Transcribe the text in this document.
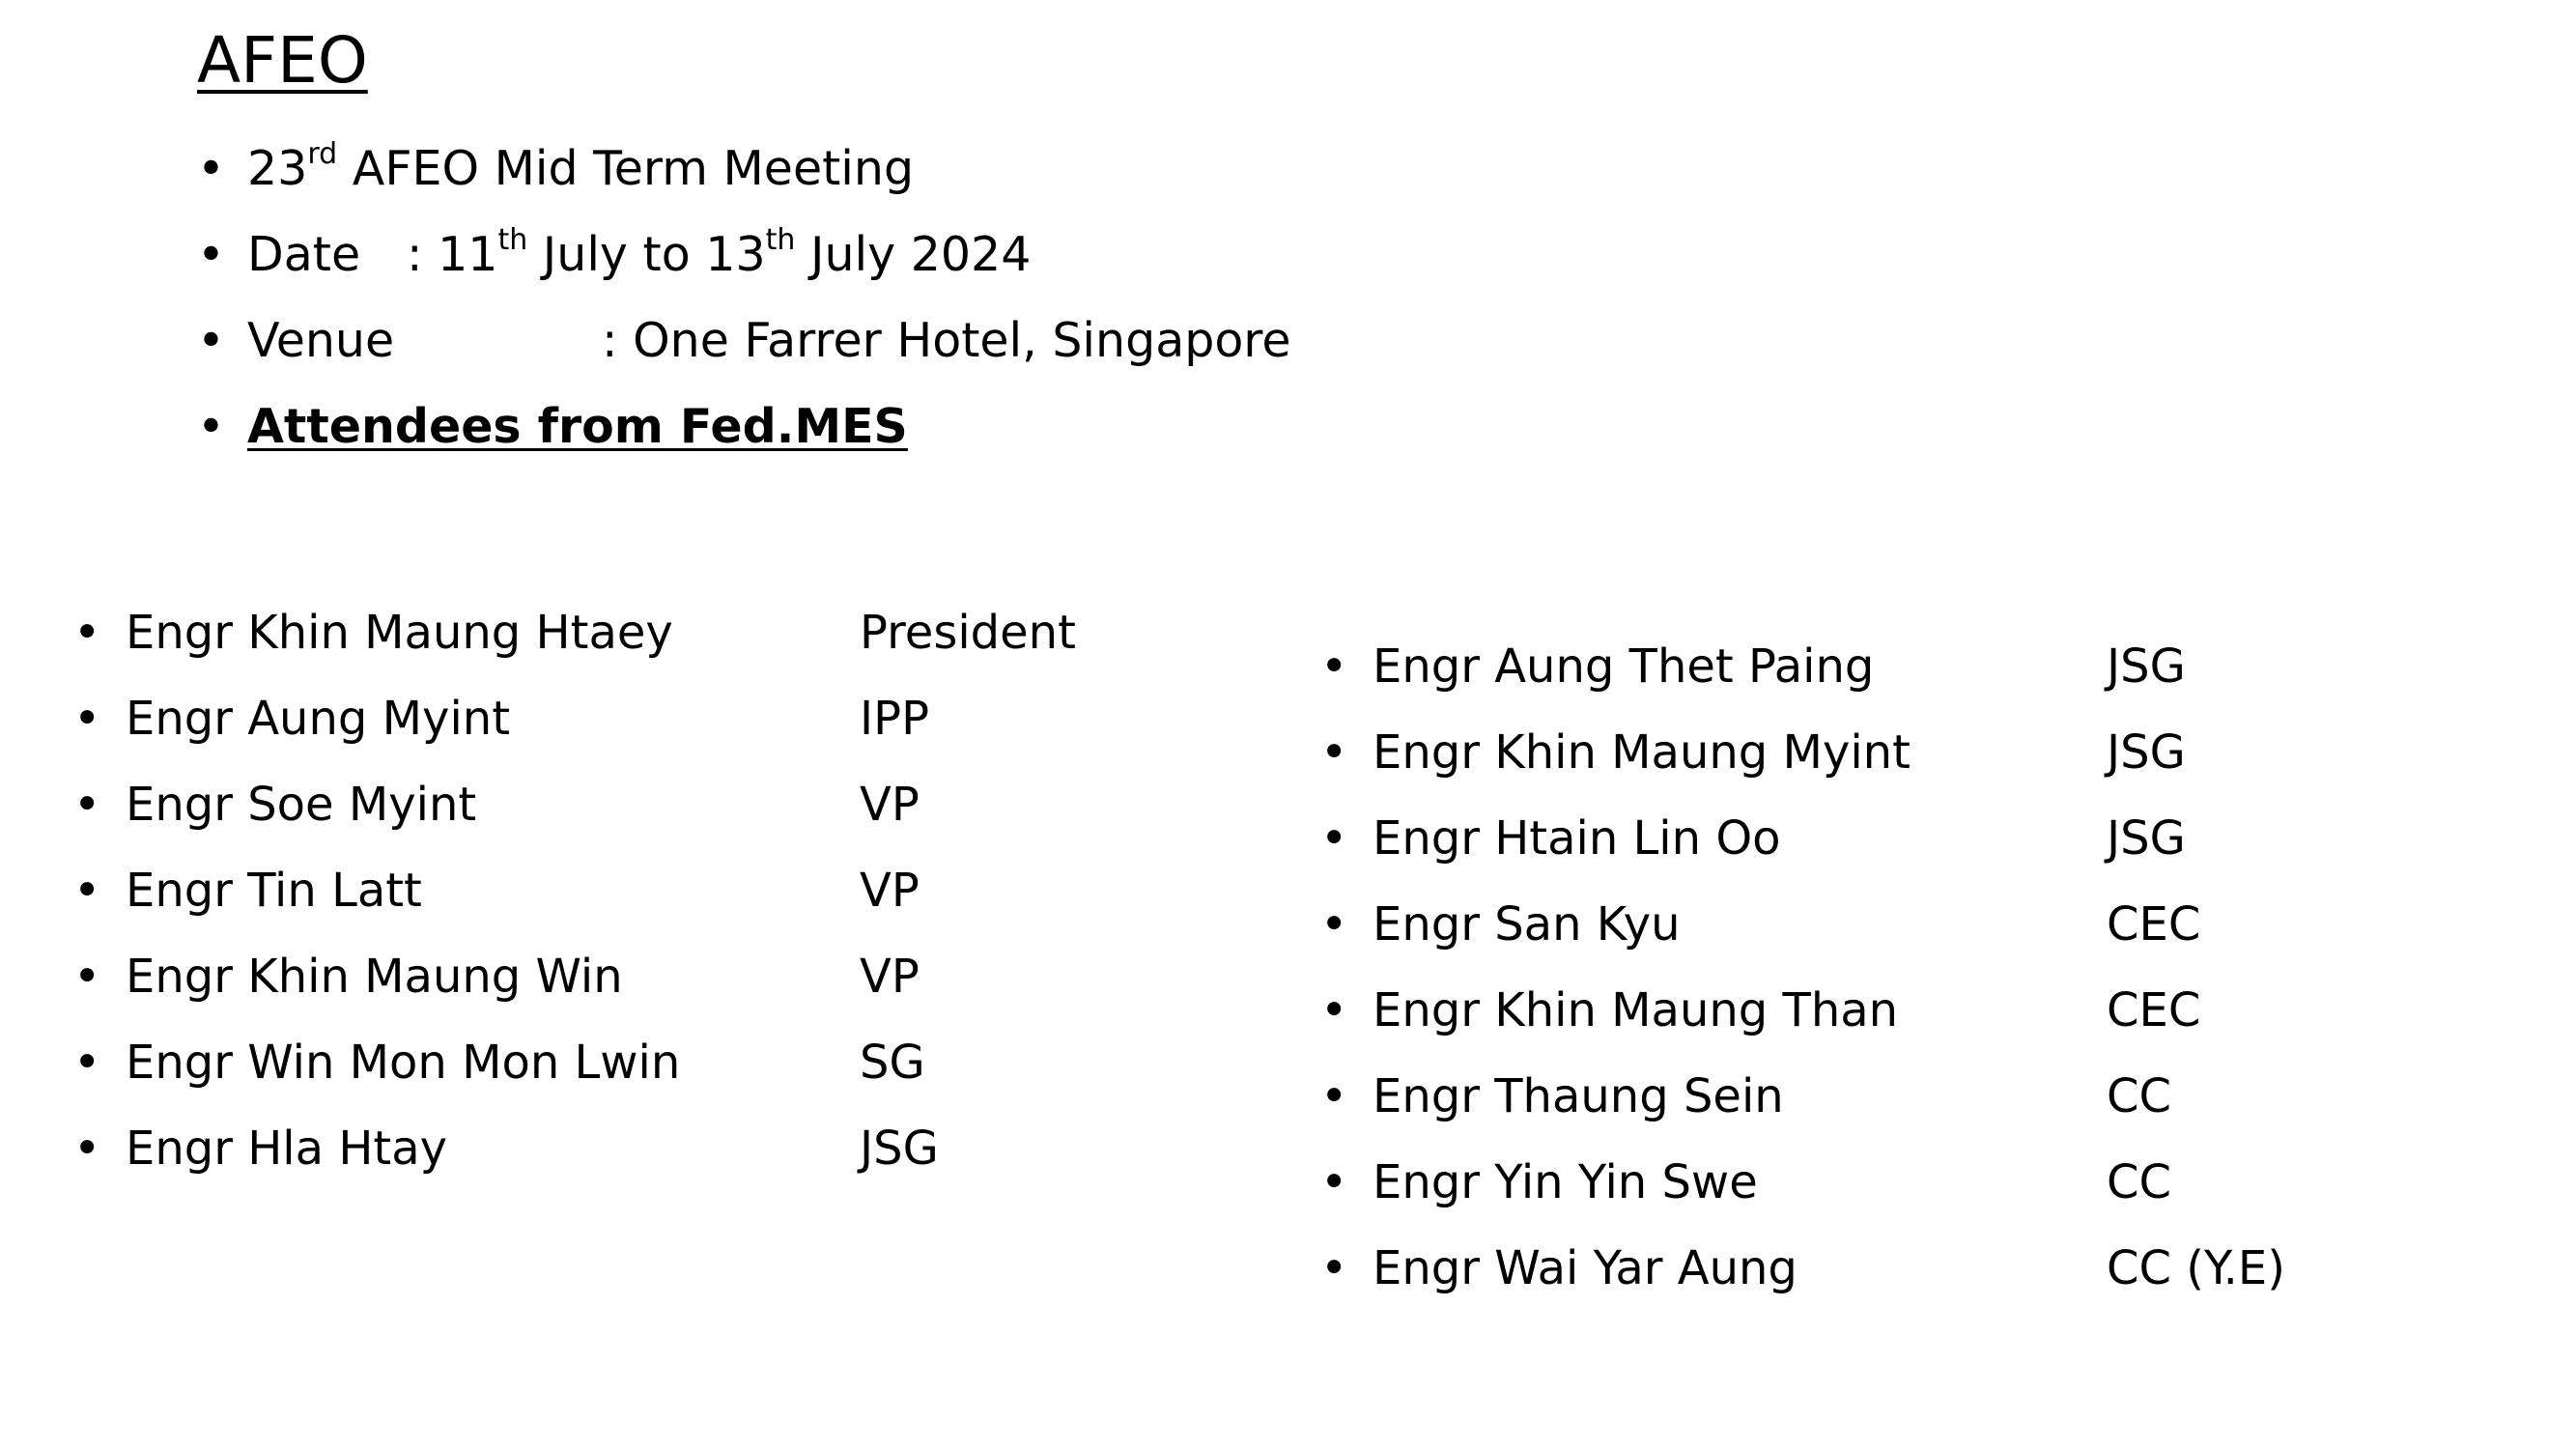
AFEO
• 23rd AFEO Mid Term Meeting
• Date : 11th July to 13th July 2024
• Venue	: One Farrer Hotel, Singapore
• Attendees from Fed.MES
• Engr Khin Maung Htaey	President
• Engr Aung Myint	IPP
• Engr Soe Myint	VP
• Engr Tin Latt	VP
• Engr Khin Maung Win	VP
• Engr Win Mon Mon Lwin	SG
• Engr Hla Htay	JSG
• Engr Aung Thet Paing	JSG
• Engr Khin Maung Myint	JSG
• Engr Htain Lin Oo	JSG
• Engr San Kyu	CEC
• Engr Khin Maung Than	CEC
• Engr Thaung Sein	CC
• Engr Yin Yin Swe	CC
• Engr Wai Yar Aung	CC (Y.E)
